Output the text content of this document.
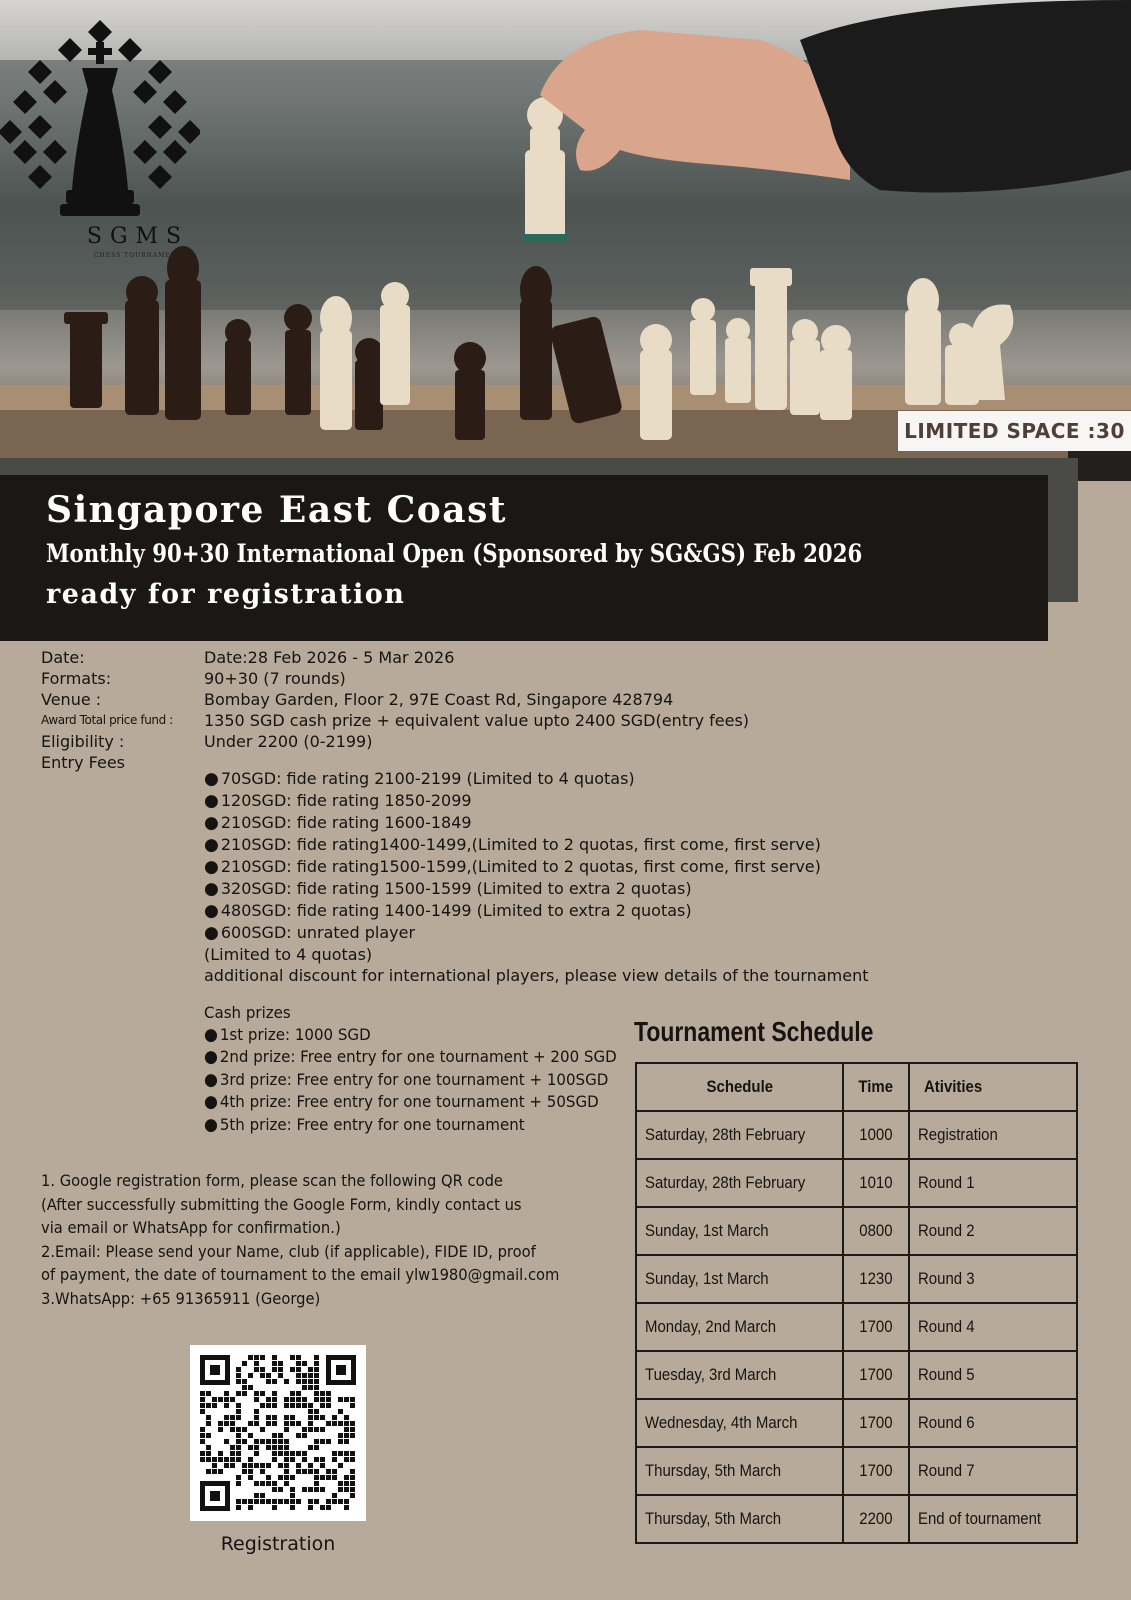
SGMS
CHESS TOURNAMENT
LIMITED SPACE :30
Singapore East Coast
Monthly 90+30 International Open (Sponsored by SG&GS) Feb 2026
ready for registration
Date:	Date:28 Feb 2026 - 5 Mar 2026
Formats:	90+30 (7 rounds)
Venue :	Bombay Garden, Floor 2, 97E Coast Rd, Singapore 428794
Award Total price fund : 1350 SGD cash prize + equivalent value upto 2400 SGD(entry fees)
Eligibility :	Under 2200 (0-2199)
Entry Fees
● 70SGD: fide rating 2100-2199 (Limited to 4 quotas)
● 120SGD: fide rating 1850-2099
● 210SGD: fide rating 1600-1849
● 210SGD: fide rating1400-1499,(Limited to 2 quotas, first come, first serve)
● 210SGD: fide rating1500-1599,(Limited to 2 quotas, first come, first serve)
● 320SGD: fide rating 1500-1599 (Limited to extra 2 quotas)
● 480SGD: fide rating 1400-1499 (Limited to extra 2 quotas)
● 600SGD: unrated player
(Limited to 4 quotas)
additional discount for international players, please view details of the tournament
Cash prizes
● 1st prize: 1000 SGD
● 2nd prize: Free entry for one tournament + 200 SGD
● 3rd prize: Free entry for one tournament + 100SGD
● 4th prize: Free entry for one tournament + 50SGD
● 5th prize: Free entry for one tournament
1. Google registration form, please scan the following QR code
(After successfully submitting the Google Form, kindly contact us
via email or WhatsApp for confirmation.)
2.Email: Please send your Name, club (if applicable), FIDE ID, proof
of payment, the date of tournament to the email ylw1980@gmail.com
3.WhatsApp: +65 91365911 (George)
Registration
Tournament Schedule
Schedule	Time	Ativities
Saturday, 28th February	1000	Registration
Saturday, 28th February	1010	Round 1
Sunday, 1st March	0800	Round 2
Sunday, 1st March	1230	Round 3
Monday, 2nd March	1700	Round 4
Tuesday, 3rd March	1700	Round 5
Wednesday, 4th March	1700	Round 6
Thursday, 5th March	1700	Round 7
Thursday, 5th March	2200	End of tournament
